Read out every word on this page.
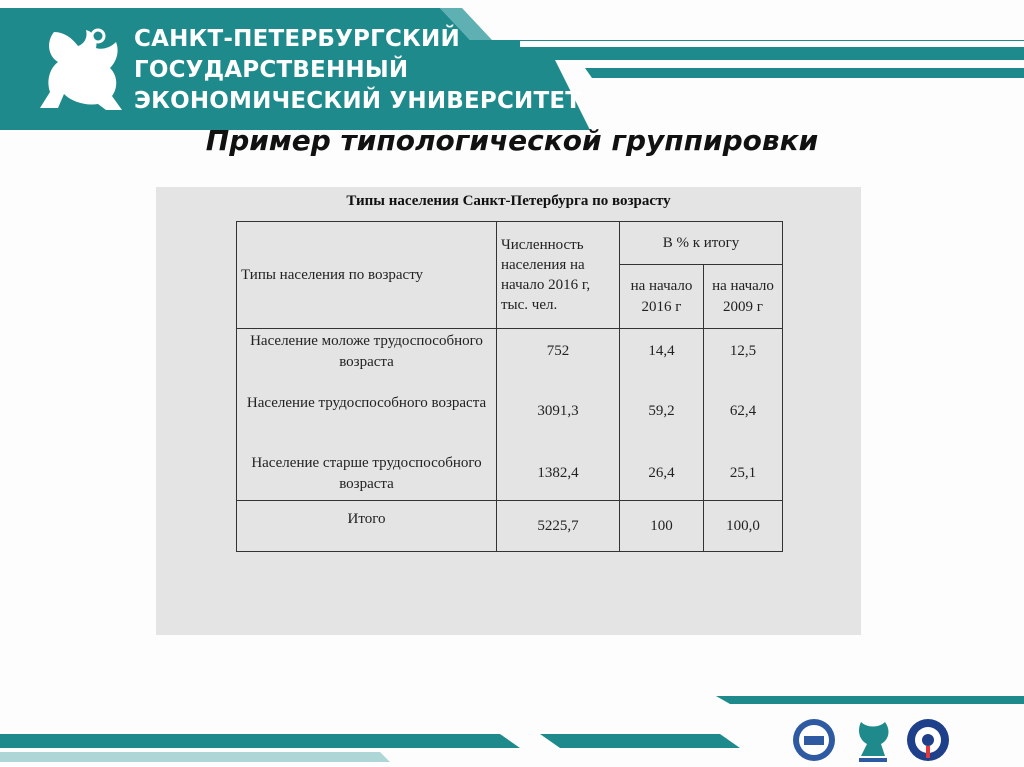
САНКТ-ПЕТЕРБУРГСКИЙ
ГОСУДАРСТВЕННЫЙ
ЭКОНОМИЧЕСКИЙ УНИВЕРСИТЕТ
Пример типологической группировки
Типы населения Санкт-Петербурга по возрасту
Типы населения по возрасту	Численность населения на начало 2016 г, тыс. чел.	В % к итогу	
		на начало 2016 г	на начало 2009 г
Население моложе трудоспособного возраста	752	14,4	12,5
Население трудоспособного возраста	3091,3	59,2	62,4
Население старше трудоспособного возраста	1382,4	26,4	25,1
Итого	5225,7	100	100,0
